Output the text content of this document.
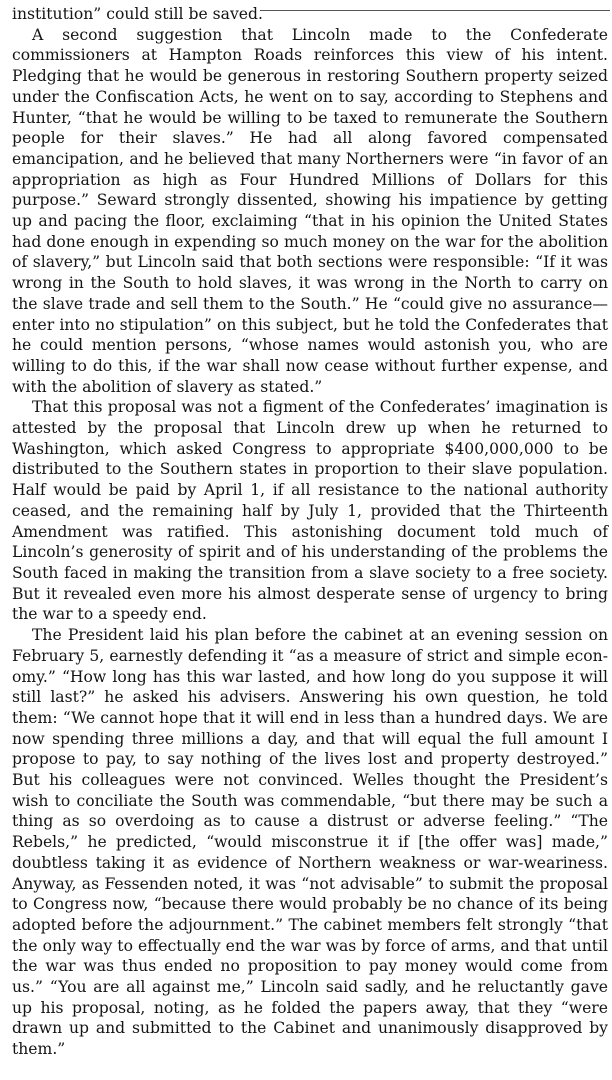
institution” could still be saved.

A second suggestion that Lincoln made to the Confederate commissioners at Hampton Roads reinforces this view of his intent. Pledging that he would be generous in restoring Southern property seized under the Confiscation Acts, he went on to say, according to Stephens and Hunter, “that he would be willing to be taxed to remunerate the Southern people for their slaves.” He had all along favored compensated emancipation, and he believed that many Northerners were “in favor of an appropriation as high as Four Hundred Millions of Dollars for this purpose.” Seward strongly dissented, showing his impatience by getting up and pacing the floor, exclaiming “that in his opinion the United States had done enough in expending so much money on the war for the abolition of slavery,” but Lincoln said that both sections were responsible: “If it was wrong in the South to hold slaves, it was wrong in the North to carry on the slave trade and sell them to the South.” He “could give no assurance—enter into no stipulation” on this subject, but he told the Confederates that he could mention persons, “whose names would astonish you, who are willing to do this, if the war shall now cease without further expense, and with the abolition of slavery as stated.”

That this proposal was not a figment of the Confederates’ imagination is attested by the proposal that Lincoln drew up when he returned to Washington, which asked Congress to appropriate $400,000,000 to be distributed to the Southern states in proportion to their slave population. Half would be paid by April 1, if all resistance to the national authority ceased, and the remaining half by July 1, provided that the Thirteenth Amendment was ratified. This astonishing document told much of Lincoln’s generosity of spirit and of his understanding of the problems the South faced in making the transition from a slave society to a free society. But it revealed even more his almost desperate sense of urgency to bring the war to a speedy end.

The President laid his plan before the cabinet at an evening session on February 5, earnestly defending it “as a measure of strict and simple economy.” “How long has this war lasted, and how long do you suppose it will still last?” he asked his advisers. Answering his own question, he told them: “We cannot hope that it will end in less than a hundred days. We are now spending three millions a day, and that will equal the full amount I propose to pay, to say nothing of the lives lost and property destroyed.” But his colleagues were not convinced. Welles thought the President’s wish to conciliate the South was commendable, “but there may be such a thing as so overdoing as to cause a distrust or adverse feeling.” “The Rebels,” he predicted, “would misconstrue it if [the offer was] made,” doubtless taking it as evidence of Northern weakness or war-weariness. Anyway, as Fessenden noted, it was “not advisable” to submit the proposal to Congress now, “because there would probably be no chance of its being adopted before the adjournment.” The cabinet members felt strongly “that the only way to effectually end the war was by force of arms, and that until the war was thus ended no proposition to pay money would come from us.” “You are all against me,” Lincoln said sadly, and he reluctantly gave up his proposal, noting, as he folded the papers away, that they “were drawn up and submitted to the Cabinet and unanimously disapproved by them.”
